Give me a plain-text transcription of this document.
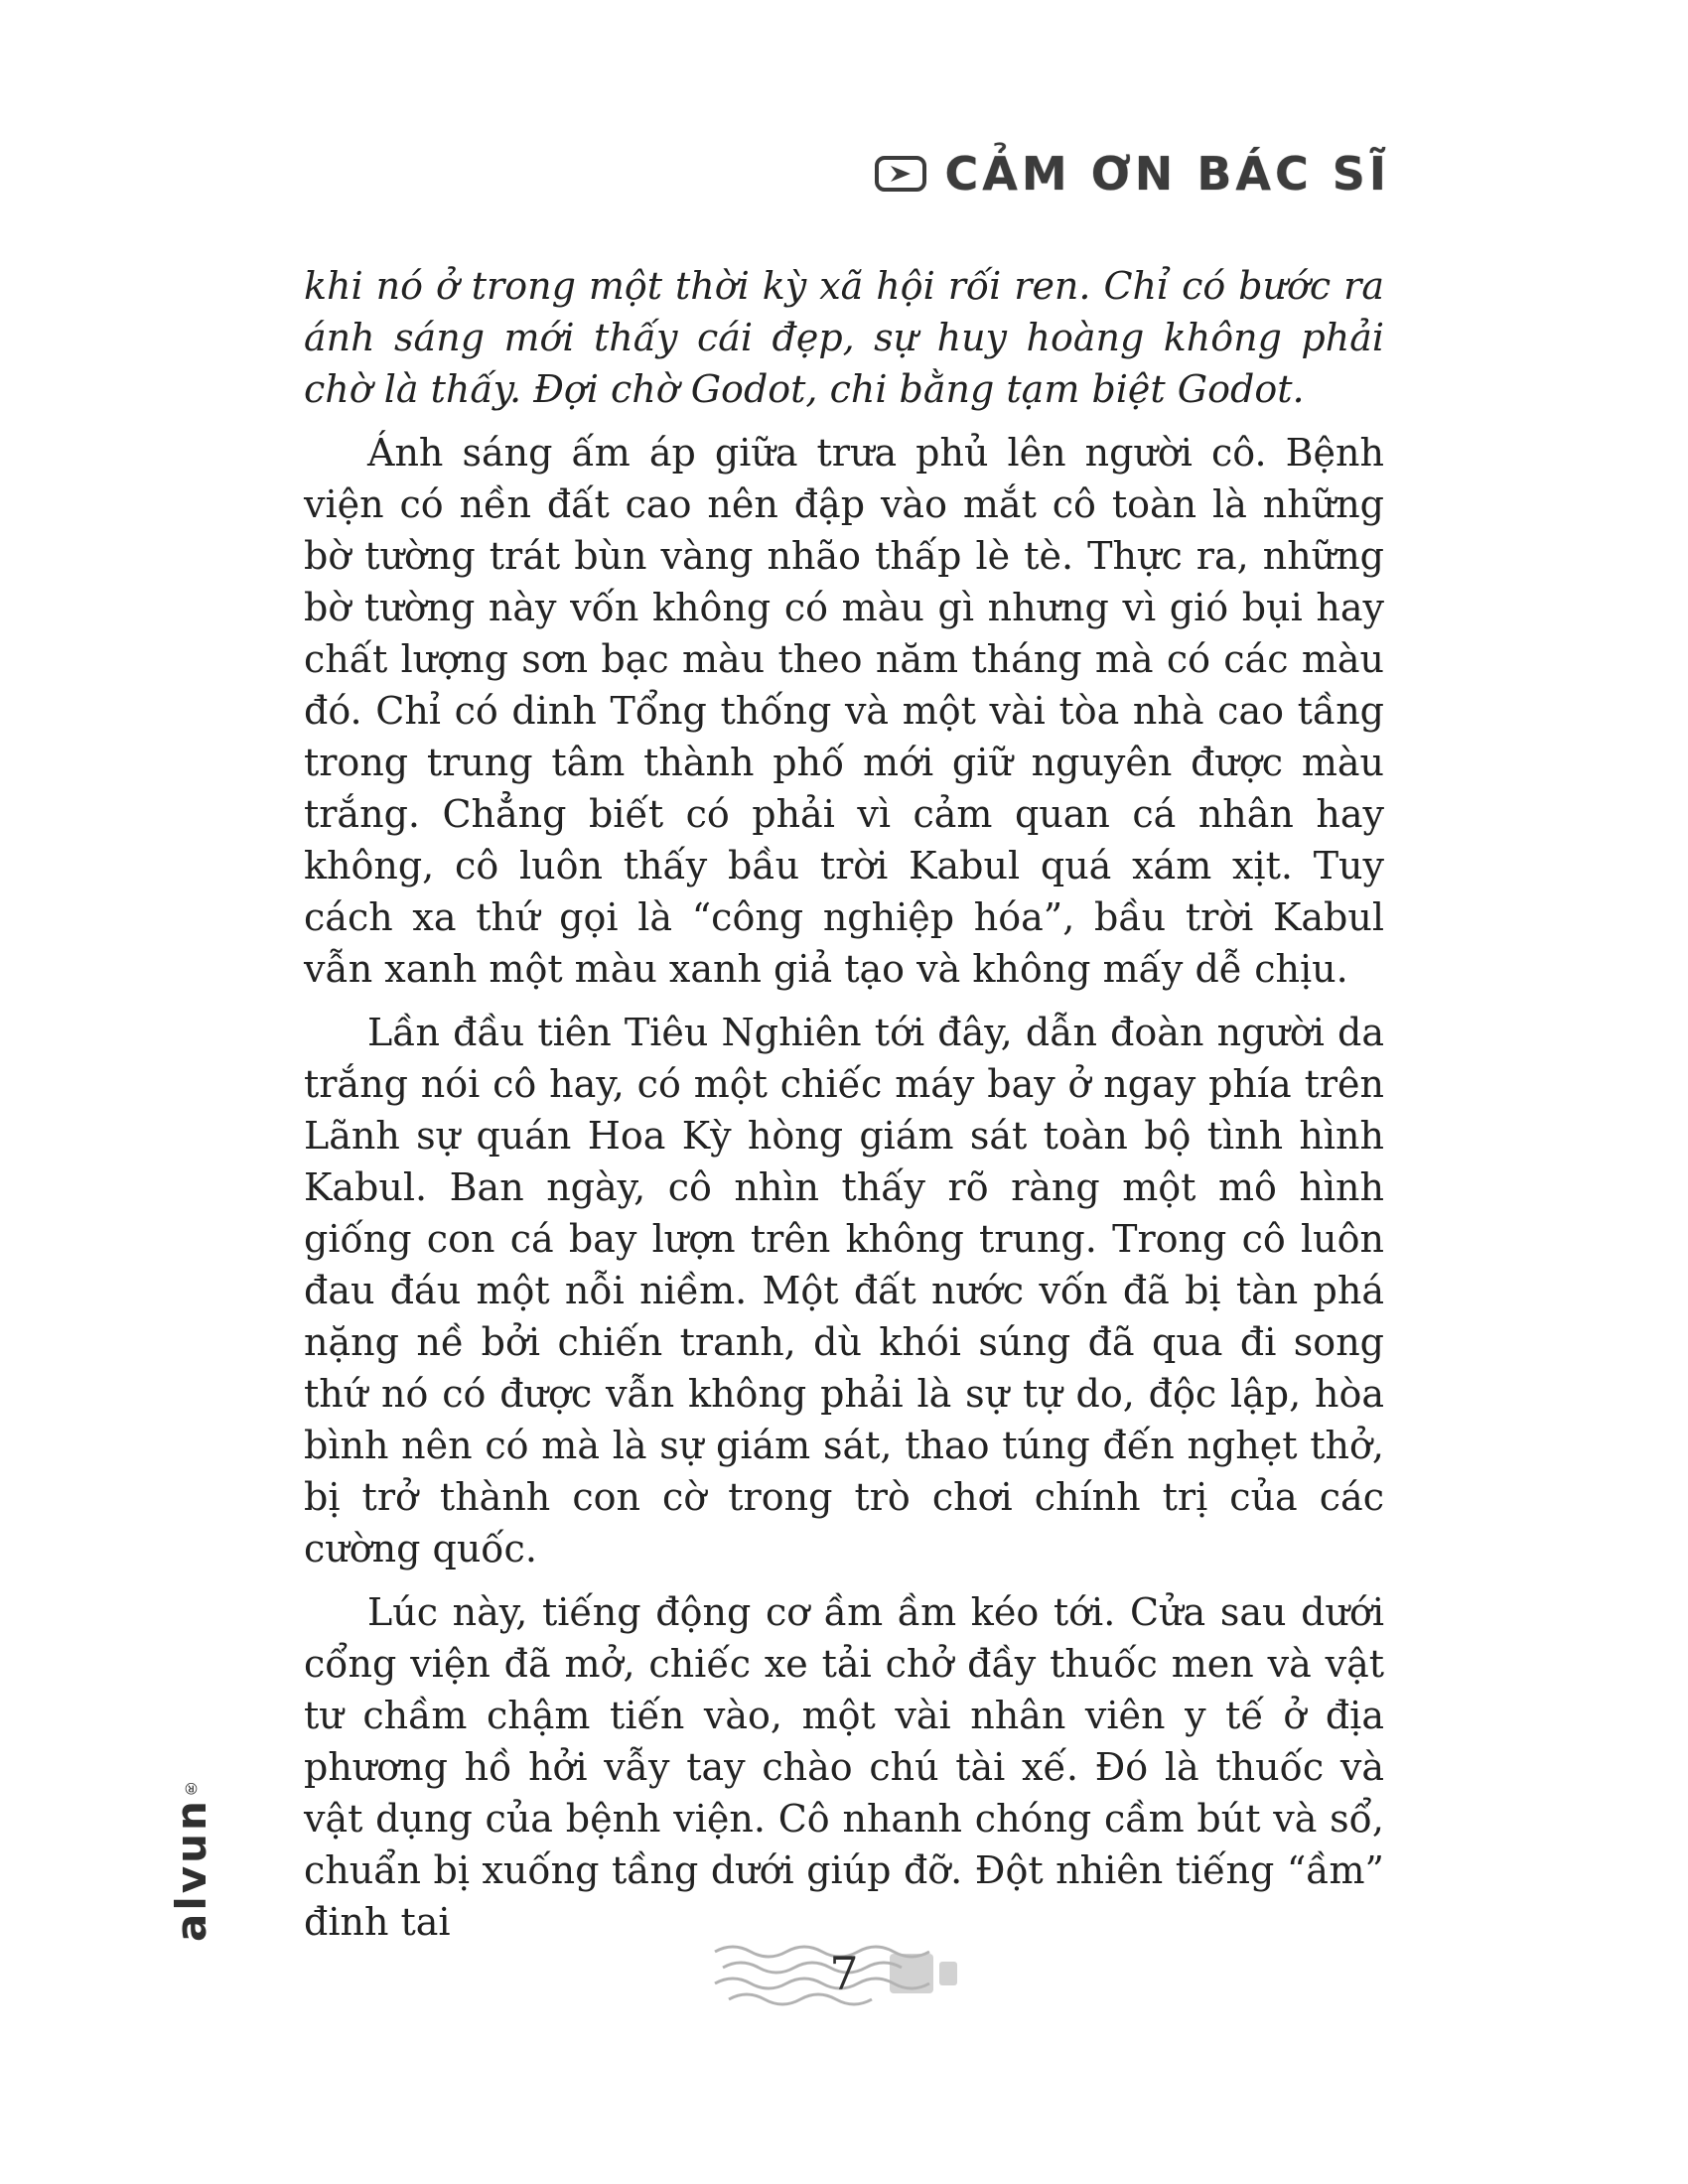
CẢM ƠN BÁC SĨ

khi nó ở trong một thời kỳ xã hội rối ren. Chỉ có bước ra ánh sáng mới thấy cái đẹp, sự huy hoàng không phải chờ là thấy. Đợi chờ Godot, chi bằng tạm biệt Godot.

Ánh sáng ấm áp giữa trưa phủ lên người cô. Bệnh viện có nền đất cao nên đập vào mắt cô toàn là những bờ tường trát bùn vàng nhão thấp lè tè. Thực ra, những bờ tường này vốn không có màu gì nhưng vì gió bụi hay chất lượng sơn bạc màu theo năm tháng mà có các màu đó. Chỉ có dinh Tổng thống và một vài tòa nhà cao tầng trong trung tâm thành phố mới giữ nguyên được màu trắng. Chẳng biết có phải vì cảm quan cá nhân hay không, cô luôn thấy bầu trời Kabul quá xám xịt. Tuy cách xa thứ gọi là “công nghiệp hóa”, bầu trời Kabul vẫn xanh một màu xanh giả tạo và không mấy dễ chịu.

Lần đầu tiên Tiêu Nghiên tới đây, dẫn đoàn người da trắng nói cô hay, có một chiếc máy bay ở ngay phía trên Lãnh sự quán Hoa Kỳ hòng giám sát toàn bộ tình hình Kabul. Ban ngày, cô nhìn thấy rõ ràng một mô hình giống con cá bay lượn trên không trung. Trong cô luôn đau đáu một nỗi niềm. Một đất nước vốn đã bị tàn phá nặng nề bởi chiến tranh, dù khói súng đã qua đi song thứ nó có được vẫn không phải là sự tự do, độc lập, hòa bình nên có mà là sự giám sát, thao túng đến nghẹt thở, bị trở thành con cờ trong trò chơi chính trị của các cường quốc.

Lúc này, tiếng động cơ ầm ầm kéo tới. Cửa sau dưới cổng viện đã mở, chiếc xe tải chở đầy thuốc men và vật tư chầm chậm tiến vào, một vài nhân viên y tế ở địa phương hồ hởi vẫy tay chào chú tài xế. Đó là thuốc và vật dụng của bệnh viện. Cô nhanh chóng cầm bút và sổ, chuẩn bị xuống tầng dưới giúp đỡ. Đột nhiên tiếng “ầm” đinh tai

alvun
®
7
